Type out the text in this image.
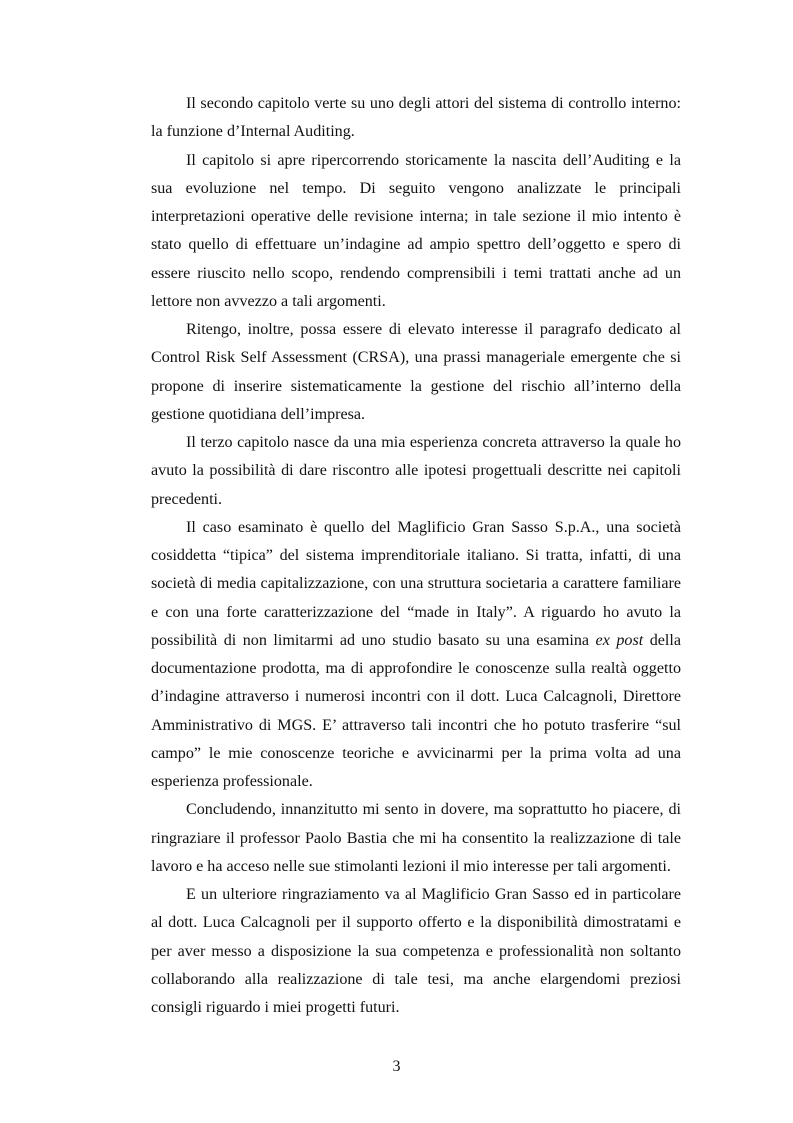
Il secondo capitolo verte su uno degli attori del sistema di controllo interno: la funzione d’Internal Auditing.

Il capitolo si apre ripercorrendo storicamente la nascita dell’Auditing e la sua evoluzione nel tempo. Di seguito vengono analizzate le principali interpretazioni operative delle revisione interna; in tale sezione il mio intento è stato quello di effettuare un’indagine ad ampio spettro dell’oggetto e spero di essere riuscito nello scopo, rendendo comprensibili i temi trattati anche ad un lettore non avvezzo a tali argomenti.

Ritengo, inoltre, possa essere di elevato interesse il paragrafo dedicato al Control Risk Self Assessment (CRSA), una prassi manageriale emergente che si propone di inserire sistematicamente la gestione del rischio all’interno della gestione quotidiana dell’impresa.

Il terzo capitolo nasce da una mia esperienza concreta attraverso la quale ho avuto la possibilità di dare riscontro alle ipotesi progettuali descritte nei capitoli precedenti.

Il caso esaminato è quello del Maglificio Gran Sasso S.p.A., una società cosiddetta “tipica” del sistema imprenditoriale italiano. Si tratta, infatti, di una società di media capitalizzazione, con una struttura societaria a carattere familiare e con una forte caratterizzazione del “made in Italy”. A riguardo ho avuto la possibilità di non limitarmi ad uno studio basato su una esamina ex post della documentazione prodotta, ma di approfondire le conoscenze sulla realtà oggetto d’indagine attraverso i numerosi incontri con il dott. Luca Calcagnoli, Direttore Amministrativo di MGS. E’ attraverso tali incontri che ho potuto trasferire “sul campo” le mie conoscenze teoriche e avvicinarmi per la prima volta ad una esperienza professionale.

Concludendo, innanzitutto mi sento in dovere, ma soprattutto ho piacere, di ringraziare il professor Paolo Bastia che mi ha consentito la realizzazione di tale lavoro e ha acceso nelle sue stimolanti lezioni il mio interesse per tali argomenti.

E un ulteriore ringraziamento va al Maglificio Gran Sasso ed in particolare al dott. Luca Calcagnoli per il supporto offerto e la disponibilità dimostratami e per aver messo a disposizione la sua competenza e professionalità non soltanto collaborando alla realizzazione di tale tesi, ma anche elargendomi preziosi consigli riguardo i miei progetti futuri.

3
